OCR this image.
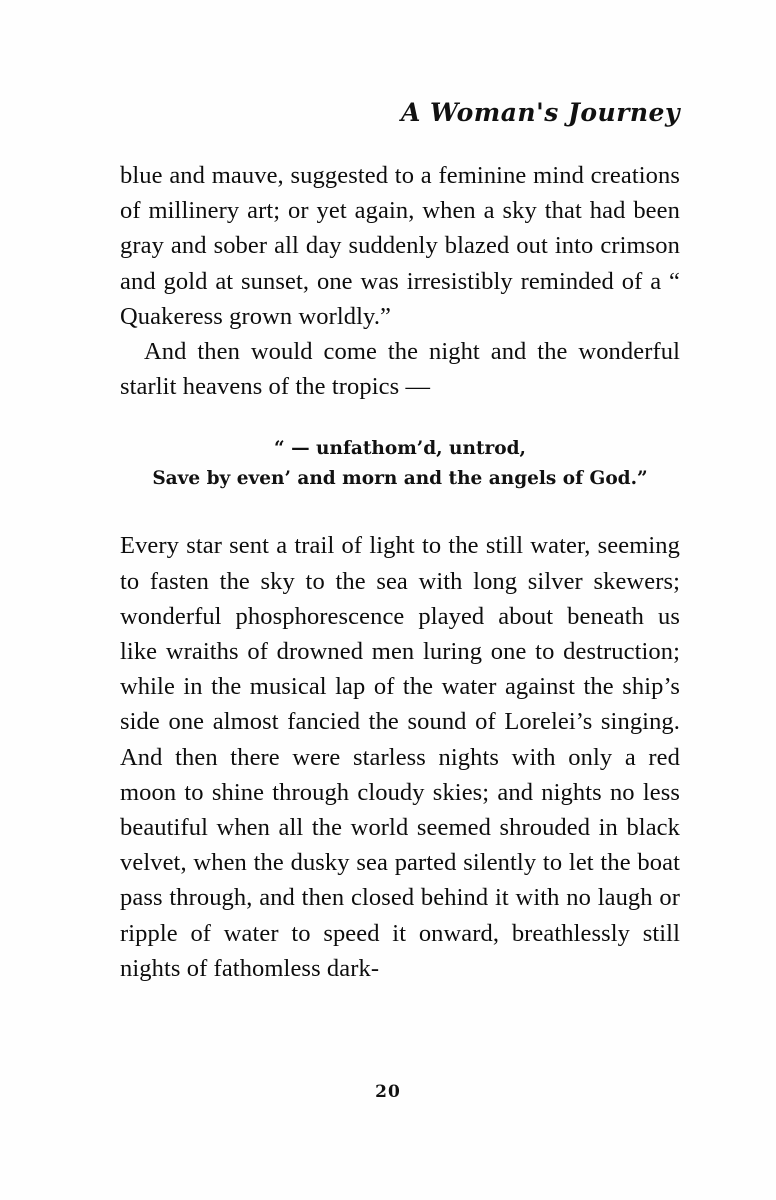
A Woman's Journey

blue and mauve, suggested to a feminine mind creations of millinery art; or yet again, when a sky that had been gray and sober all day suddenly blazed out into crimson and gold at sunset, one was irresistibly reminded of a “ Quakeress grown worldly.”

And then would come the night and the wonderful starlit heavens of the tropics —

“ — unfathom’d, untrod,
Save by even’ and morn and the angels of God.”

Every star sent a trail of light to the still water, seeming to fasten the sky to the sea with long silver skewers; wonderful phosphorescence played about beneath us like wraiths of drowned men luring one to destruction; while in the musical lap of the water against the ship’s side one almost fancied the sound of Lorelei’s singing. And then there were starless nights with only a red moon to shine through cloudy skies; and nights no less beautiful when all the world seemed shrouded in black velvet, when the dusky sea parted silently to let the boat pass through, and then closed behind it with no laugh or ripple of water to speed it onward, breathlessly still nights of fathomless dark-

20
